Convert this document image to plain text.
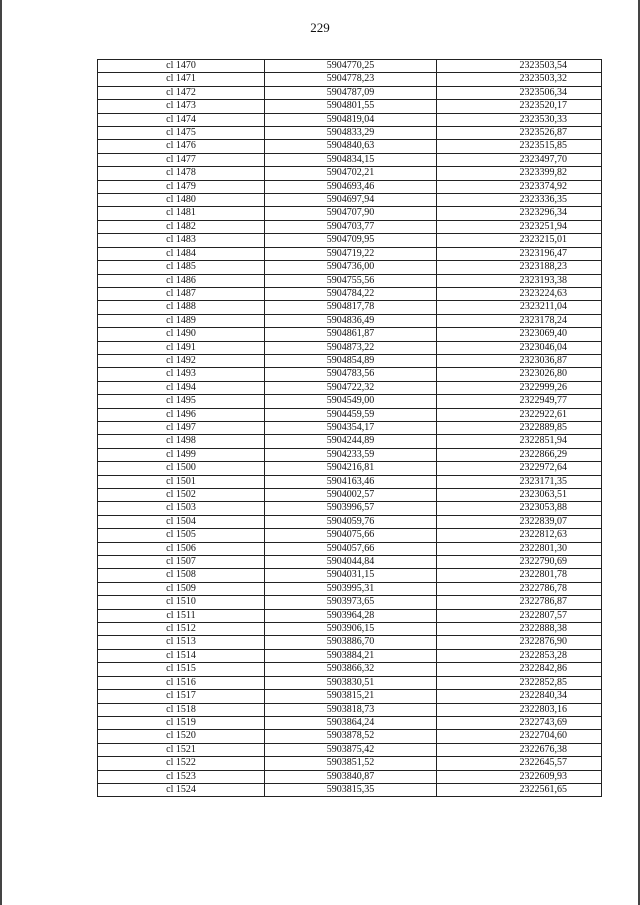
229
cl 1470	5904770,25	2323503,54
cl 1471	5904778,23	2323503,32
cl 1472	5904787,09	2323506,34
cl 1473	5904801,55	2323520,17
cl 1474	5904819,04	2323530,33
cl 1475	5904833,29	2323526,87
cl 1476	5904840,63	2323515,85
cl 1477	5904834,15	2323497,70
cl 1478	5904702,21	2323399,82
cl 1479	5904693,46	2323374,92
cl 1480	5904697,94	2323336,35
cl 1481	5904707,90	2323296,34
cl 1482	5904703,77	2323251,94
cl 1483	5904709,95	2323215,01
cl 1484	5904719,22	2323196,47
cl 1485	5904736,00	2323188,23
cl 1486	5904755,56	2323193,38
cl 1487	5904784,22	2323224,63
cl 1488	5904817,78	2323211,04
cl 1489	5904836,49	2323178,24
cl 1490	5904861,87	2323069,40
cl 1491	5904873,22	2323046,04
cl 1492	5904854,89	2323036,87
cl 1493	5904783,56	2323026,80
cl 1494	5904722,32	2322999,26
cl 1495	5904549,00	2322949,77
cl 1496	5904459,59	2322922,61
cl 1497	5904354,17	2322889,85
cl 1498	5904244,89	2322851,94
cl 1499	5904233,59	2322866,29
cl 1500	5904216,81	2322972,64
cl 1501	5904163,46	2323171,35
cl 1502	5904002,57	2323063,51
cl 1503	5903996,57	2323053,88
cl 1504	5904059,76	2322839,07
cl 1505	5904075,66	2322812,63
cl 1506	5904057,66	2322801,30
cl 1507	5904044,84	2322790,69
cl 1508	5904031,15	2322801,78
cl 1509	5903995,31	2322786,78
cl 1510	5903973,65	2322786,87
cl 1511	5903964,28	2322807,57
cl 1512	5903906,15	2322888,38
cl 1513	5903886,70	2322876,90
cl 1514	5903884,21	2322853,28
cl 1515	5903866,32	2322842,86
cl 1516	5903830,51	2322852,85
cl 1517	5903815,21	2322840,34
cl 1518	5903818,73	2322803,16
cl 1519	5903864,24	2322743,69
cl 1520	5903878,52	2322704,60
cl 1521	5903875,42	2322676,38
cl 1522	5903851,52	2322645,57
cl 1523	5903840,87	2322609,93
cl 1524	5903815,35	2322561,65
